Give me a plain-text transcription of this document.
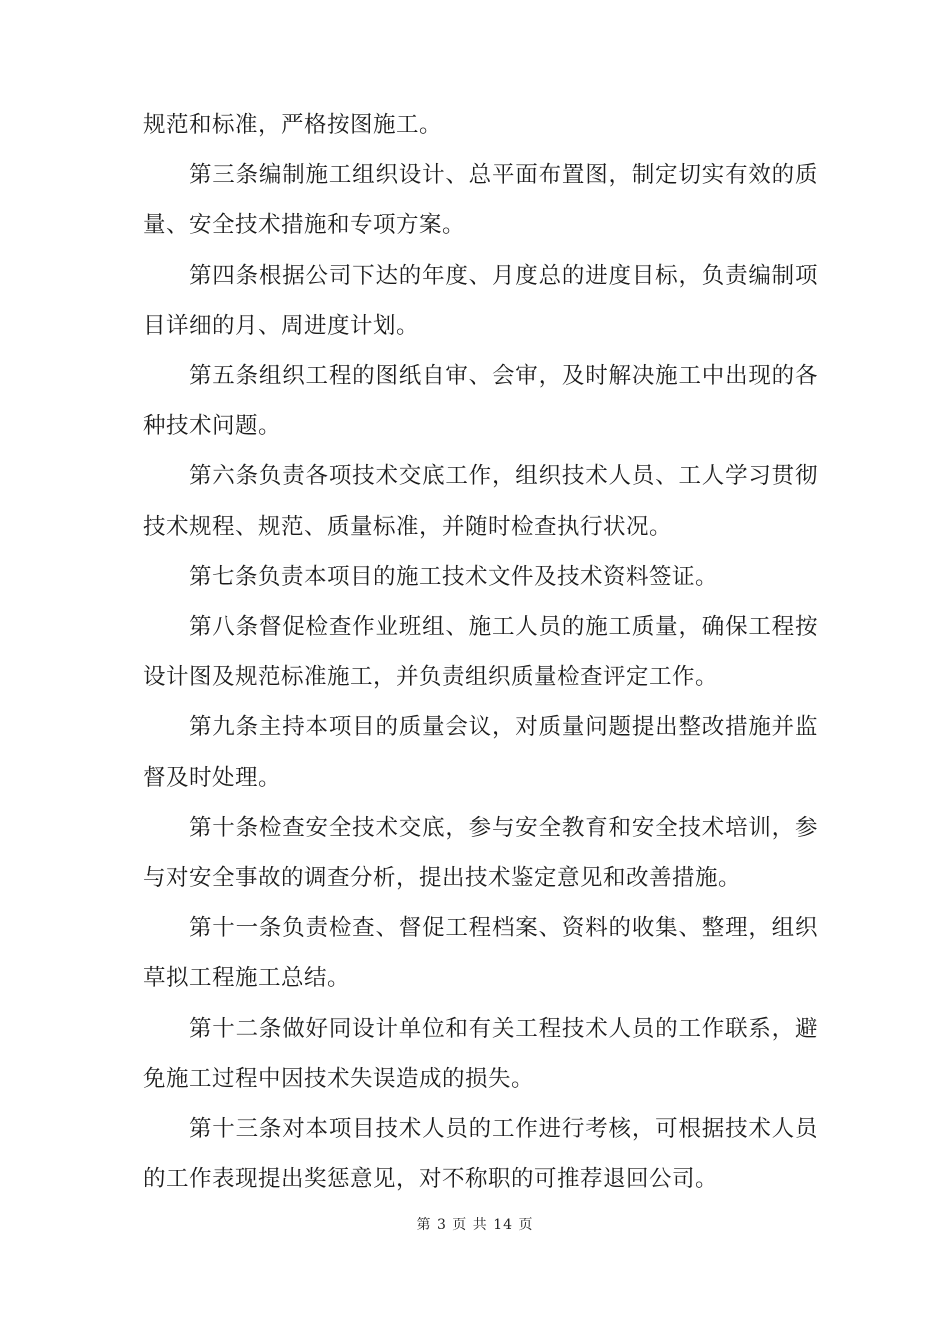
规范和标准，严格按图施工。

第三条编制施工组织设计、总平面布置图，制定切实有效的质量、安全技术措施和专项方案。

第四条根据公司下达的年度、月度总的进度目标，负责编制项目详细的月、周进度计划。

第五条组织工程的图纸自审、会审，及时解决施工中出现的各种技术问题。

第六条负责各项技术交底工作，组织技术人员、工人学习贯彻技术规程、规范、质量标准，并随时检查执行状况。

第七条负责本项目的施工技术文件及技术资料签证。

第八条督促检查作业班组、施工人员的施工质量，确保工程按设计图及规范标准施工，并负责组织质量检查评定工作。

第九条主持本项目的质量会议，对质量问题提出整改措施并监督及时处理。

第十条检查安全技术交底，参与安全教育和安全技术培训，参与对安全事故的调查分析，提出技术鉴定意见和改善措施。

第十一条负责检查、督促工程档案、资料的收集、整理，组织草拟工程施工总结。

第十二条做好同设计单位和有关工程技术人员的工作联系，避免施工过程中因技术失误造成的损失。

第十三条对本项目技术人员的工作进行考核，可根据技术人员的工作表现提出奖惩意见，对不称职的可推荐退回公司。

第 3 页 共 14 页
